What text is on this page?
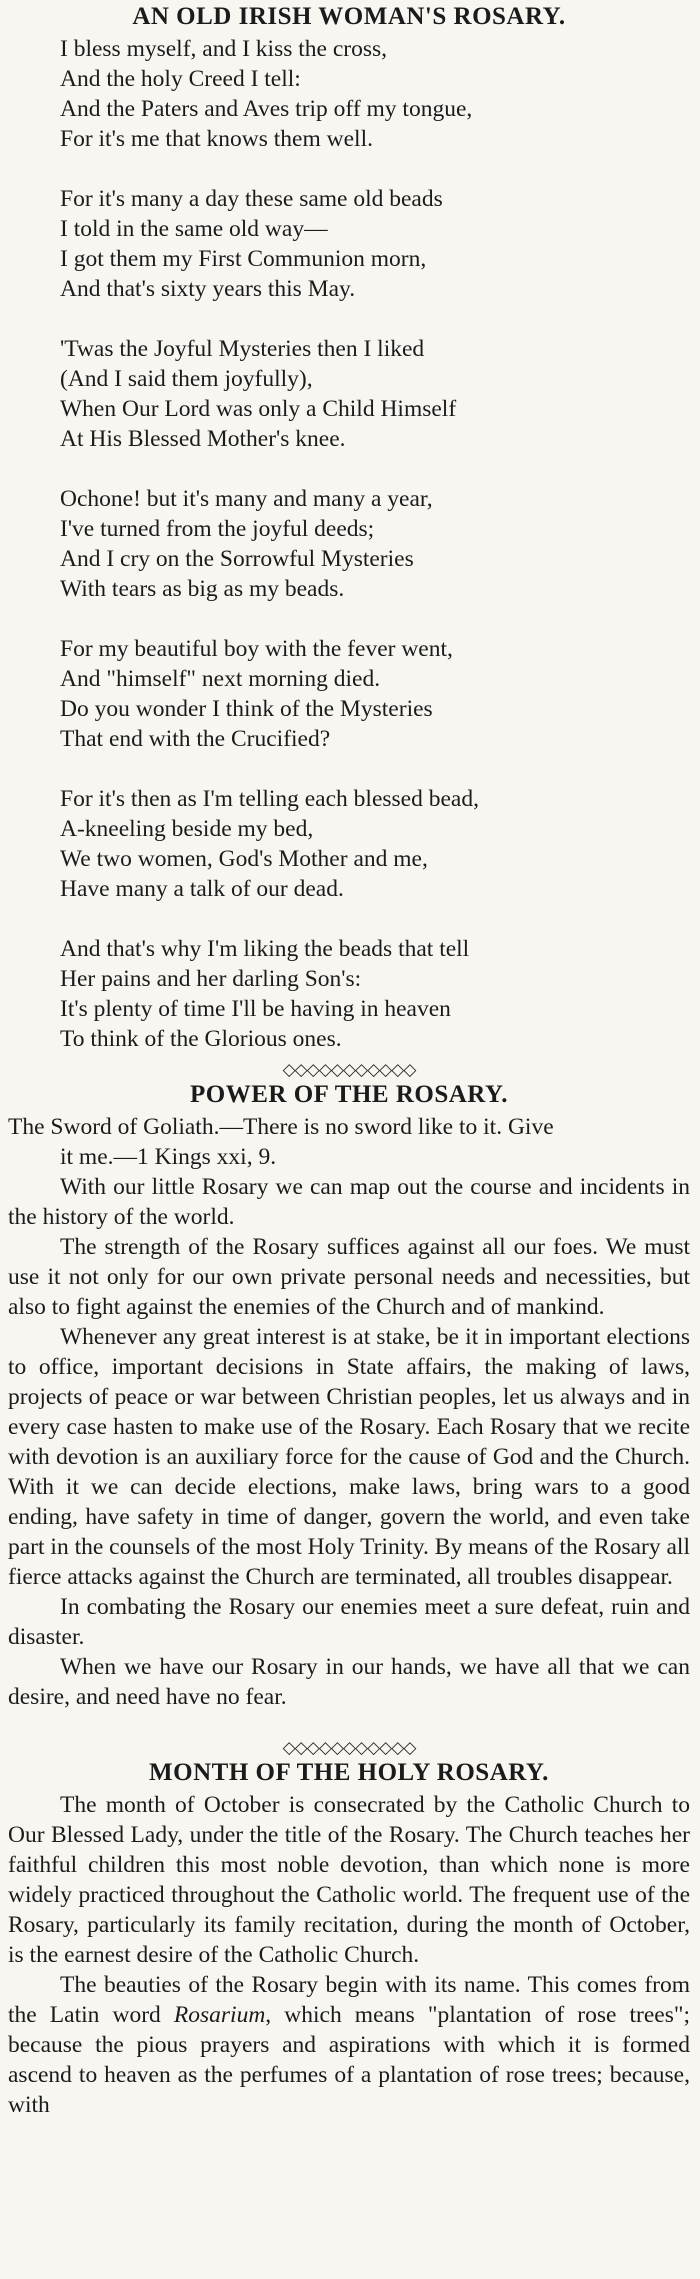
AN OLD IRISH WOMAN'S ROSARY.
I bless myself, and I kiss the cross,
And the holy Creed I tell:
And the Paters and Aves trip off my tongue,
For it's me that knows them well.
For it's many a day these same old beads
I told in the same old way—
I got them my First Communion morn,
And that's sixty years this May.
'Twas the Joyful Mysteries then I liked
(And I said them joyfully),
When Our Lord was only a Child Himself
At His Blessed Mother's knee.
Ochone! but it's many and many a year,
I've turned from the joyful deeds;
And I cry on the Sorrowful Mysteries
With tears as big as my beads.
For my beautiful boy with the fever went,
And "himself" next morning died.
Do you wonder I think of the Mysteries
That end with the Crucified?
For it's then as I'm telling each blessed bead,
A-kneeling beside my bed,
We two women, God's Mother and me,
Have many a talk of our dead.
And that's why I'm liking the beads that tell
Her pains and her darling Son's:
It's plenty of time I'll be having in heaven
To think of the Glorious ones.
◇◇◇◇◇◇◇◇◇◇◇
POWER OF THE ROSARY.

The Sword of Goliath.—There is no sword like to it. Give

it me.—1 Kings xxi, 9.

With our little Rosary we can map out the course and incidents in the history of the world.

The strength of the Rosary suffices against all our foes. We must use it not only for our own private personal needs and necessities, but also to fight against the enemies of the Church and of mankind.

Whenever any great interest is at stake, be it in important elections to office, important decisions in State affairs, the making of laws, projects of peace or war between Christian peoples, let us always and in every case hasten to make use of the Rosary. Each Rosary that we recite with devotion is an auxiliary force for the cause of God and the Church. With it we can decide elections, make laws, bring wars to a good ending, have safety in time of danger, govern the world, and even take part in the counsels of the most Holy Trinity. By means of the Rosary all fierce attacks against the Church are terminated, all troubles disappear.

In combating the Rosary our enemies meet a sure defeat, ruin and disaster.

When we have our Rosary in our hands, we have all that we can desire, and need have no fear.

◇◇◇◇◇◇◇◇◇◇◇
MONTH OF THE HOLY ROSARY.

The month of October is consecrated by the Catholic Church to Our Blessed Lady, under the title of the Rosary. The Church teaches her faithful children this most noble devotion, than which none is more widely practiced throughout the Catholic world. The frequent use of the Rosary, particularly its family recitation, during the month of October, is the earnest desire of the Catholic Church.

The beauties of the Rosary begin with its name. This comes from the Latin word Rosarium, which means "plantation of rose trees"; because the pious prayers and aspirations with which it is formed ascend to heaven as the perfumes of a plantation of rose trees; because, with
